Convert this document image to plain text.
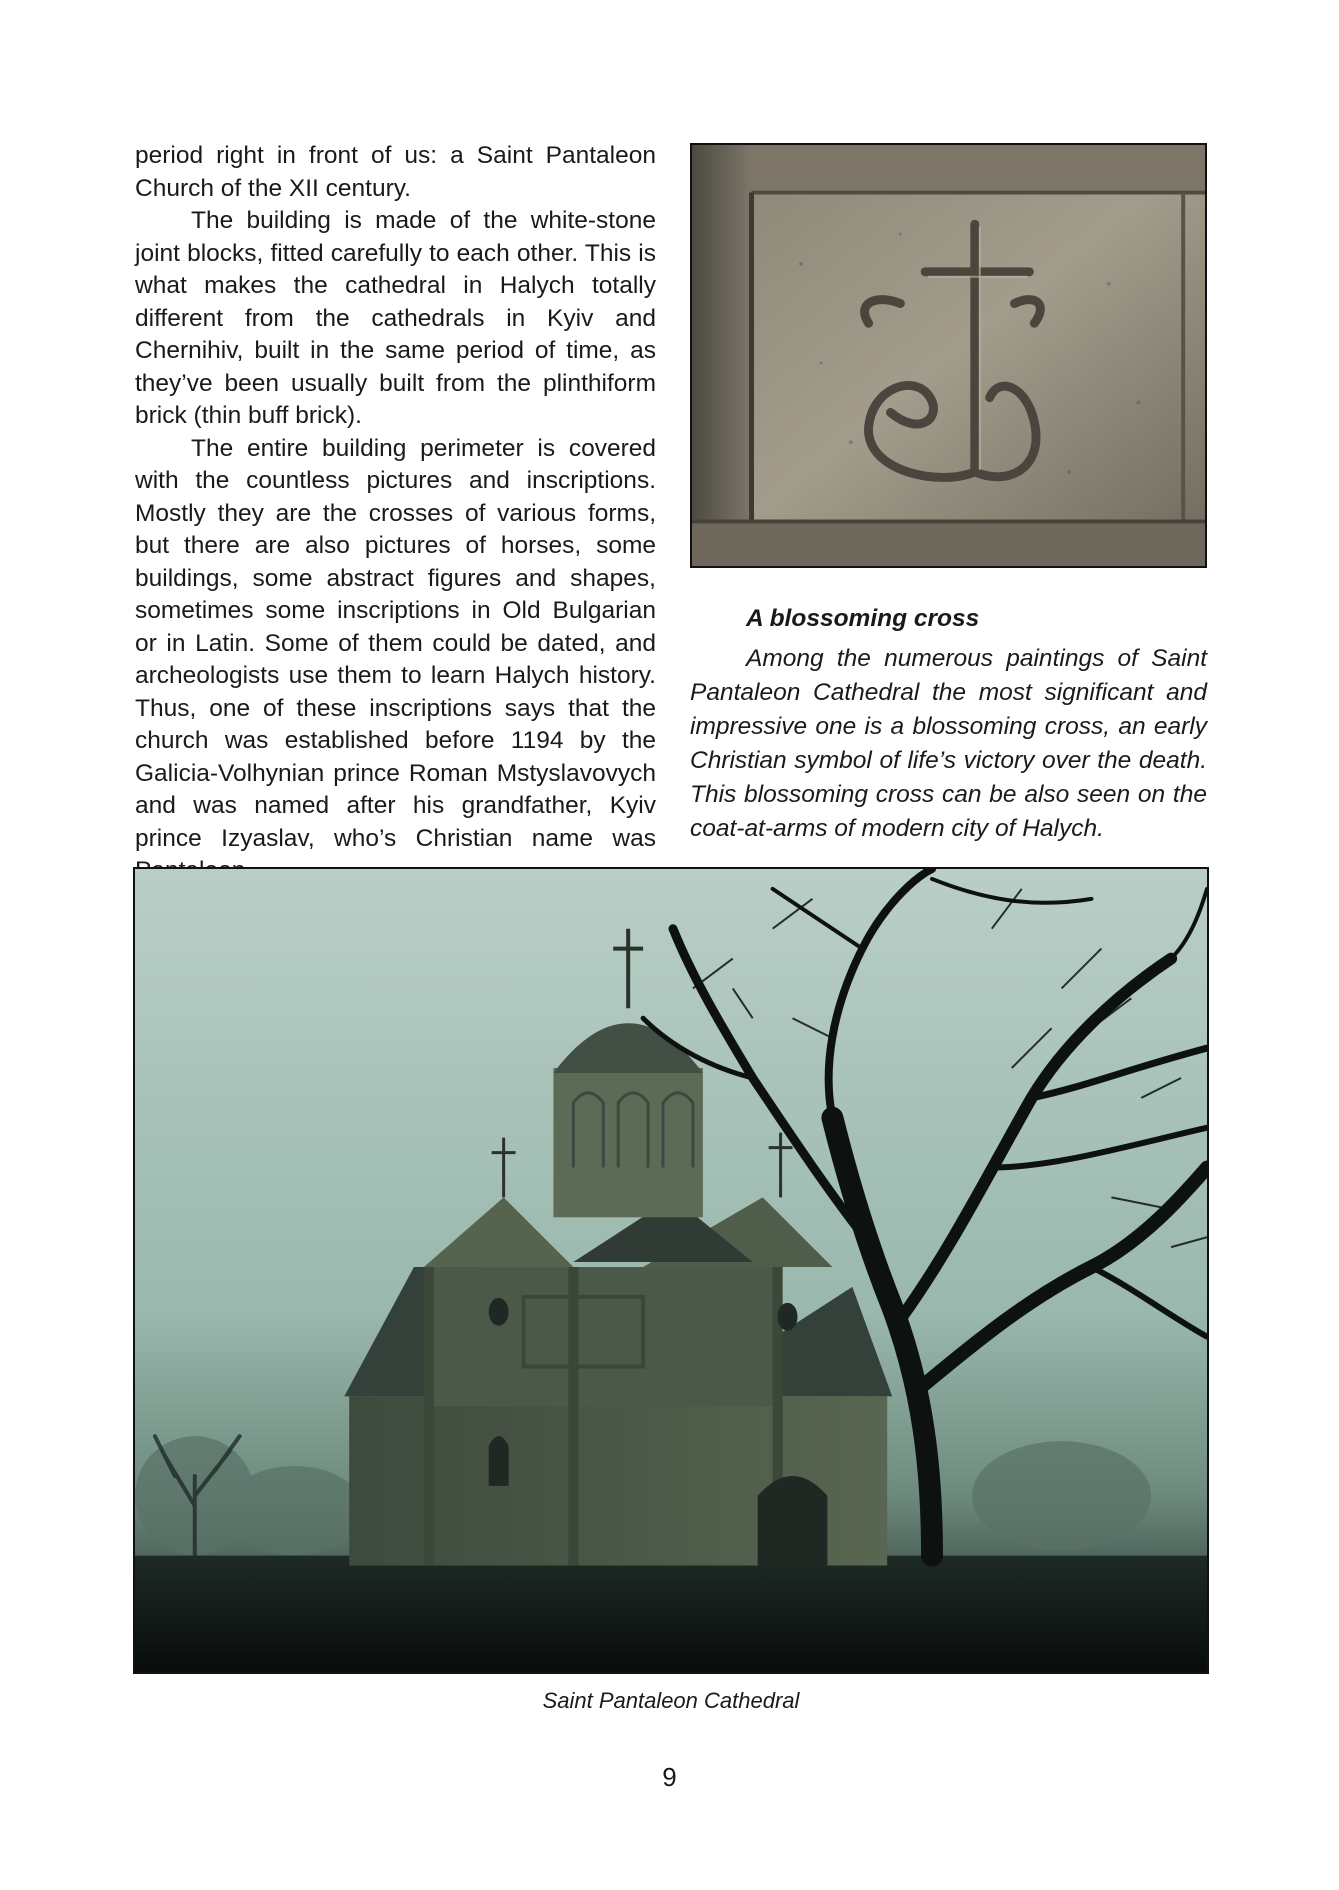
period right in front of us: a Saint Pantaleon Church of the XII century.

The building is made of the white-stone joint blocks, fitted carefully to each other. This is what makes the cathedral in Halych totally different from the cathedrals in Kyiv and Chernihiv, built in the same period of time, as they’ve been usually built from the plinthiform brick (thin buff brick).

The entire building perimeter is covered with the countless pictures and inscriptions. Mostly they are the crosses of various forms, but there are also pictures of horses, some buildings, some abstract figures and shapes, sometimes some inscriptions in Old Bulgarian or in Latin. Some of them could be dated, and archeologists use them to learn Halych history. Thus, one of these inscriptions says that the church was established before 1194 by the Galicia-Volhynian prince Roman Mstyslavovych and was named after his grandfather, Kyiv prince Izyaslav, who’s Christian name was

A blossoming cross

Among the numerous paintings of Saint Pantaleon Cathedral the most significant and impressive one is a blossoming cross, an early Christian symbol of life’s victory over the death. This blossoming cross can be also seen on the coat-at-arms of modern city of Halych.

Saint Pantaleon Cathedral
9
